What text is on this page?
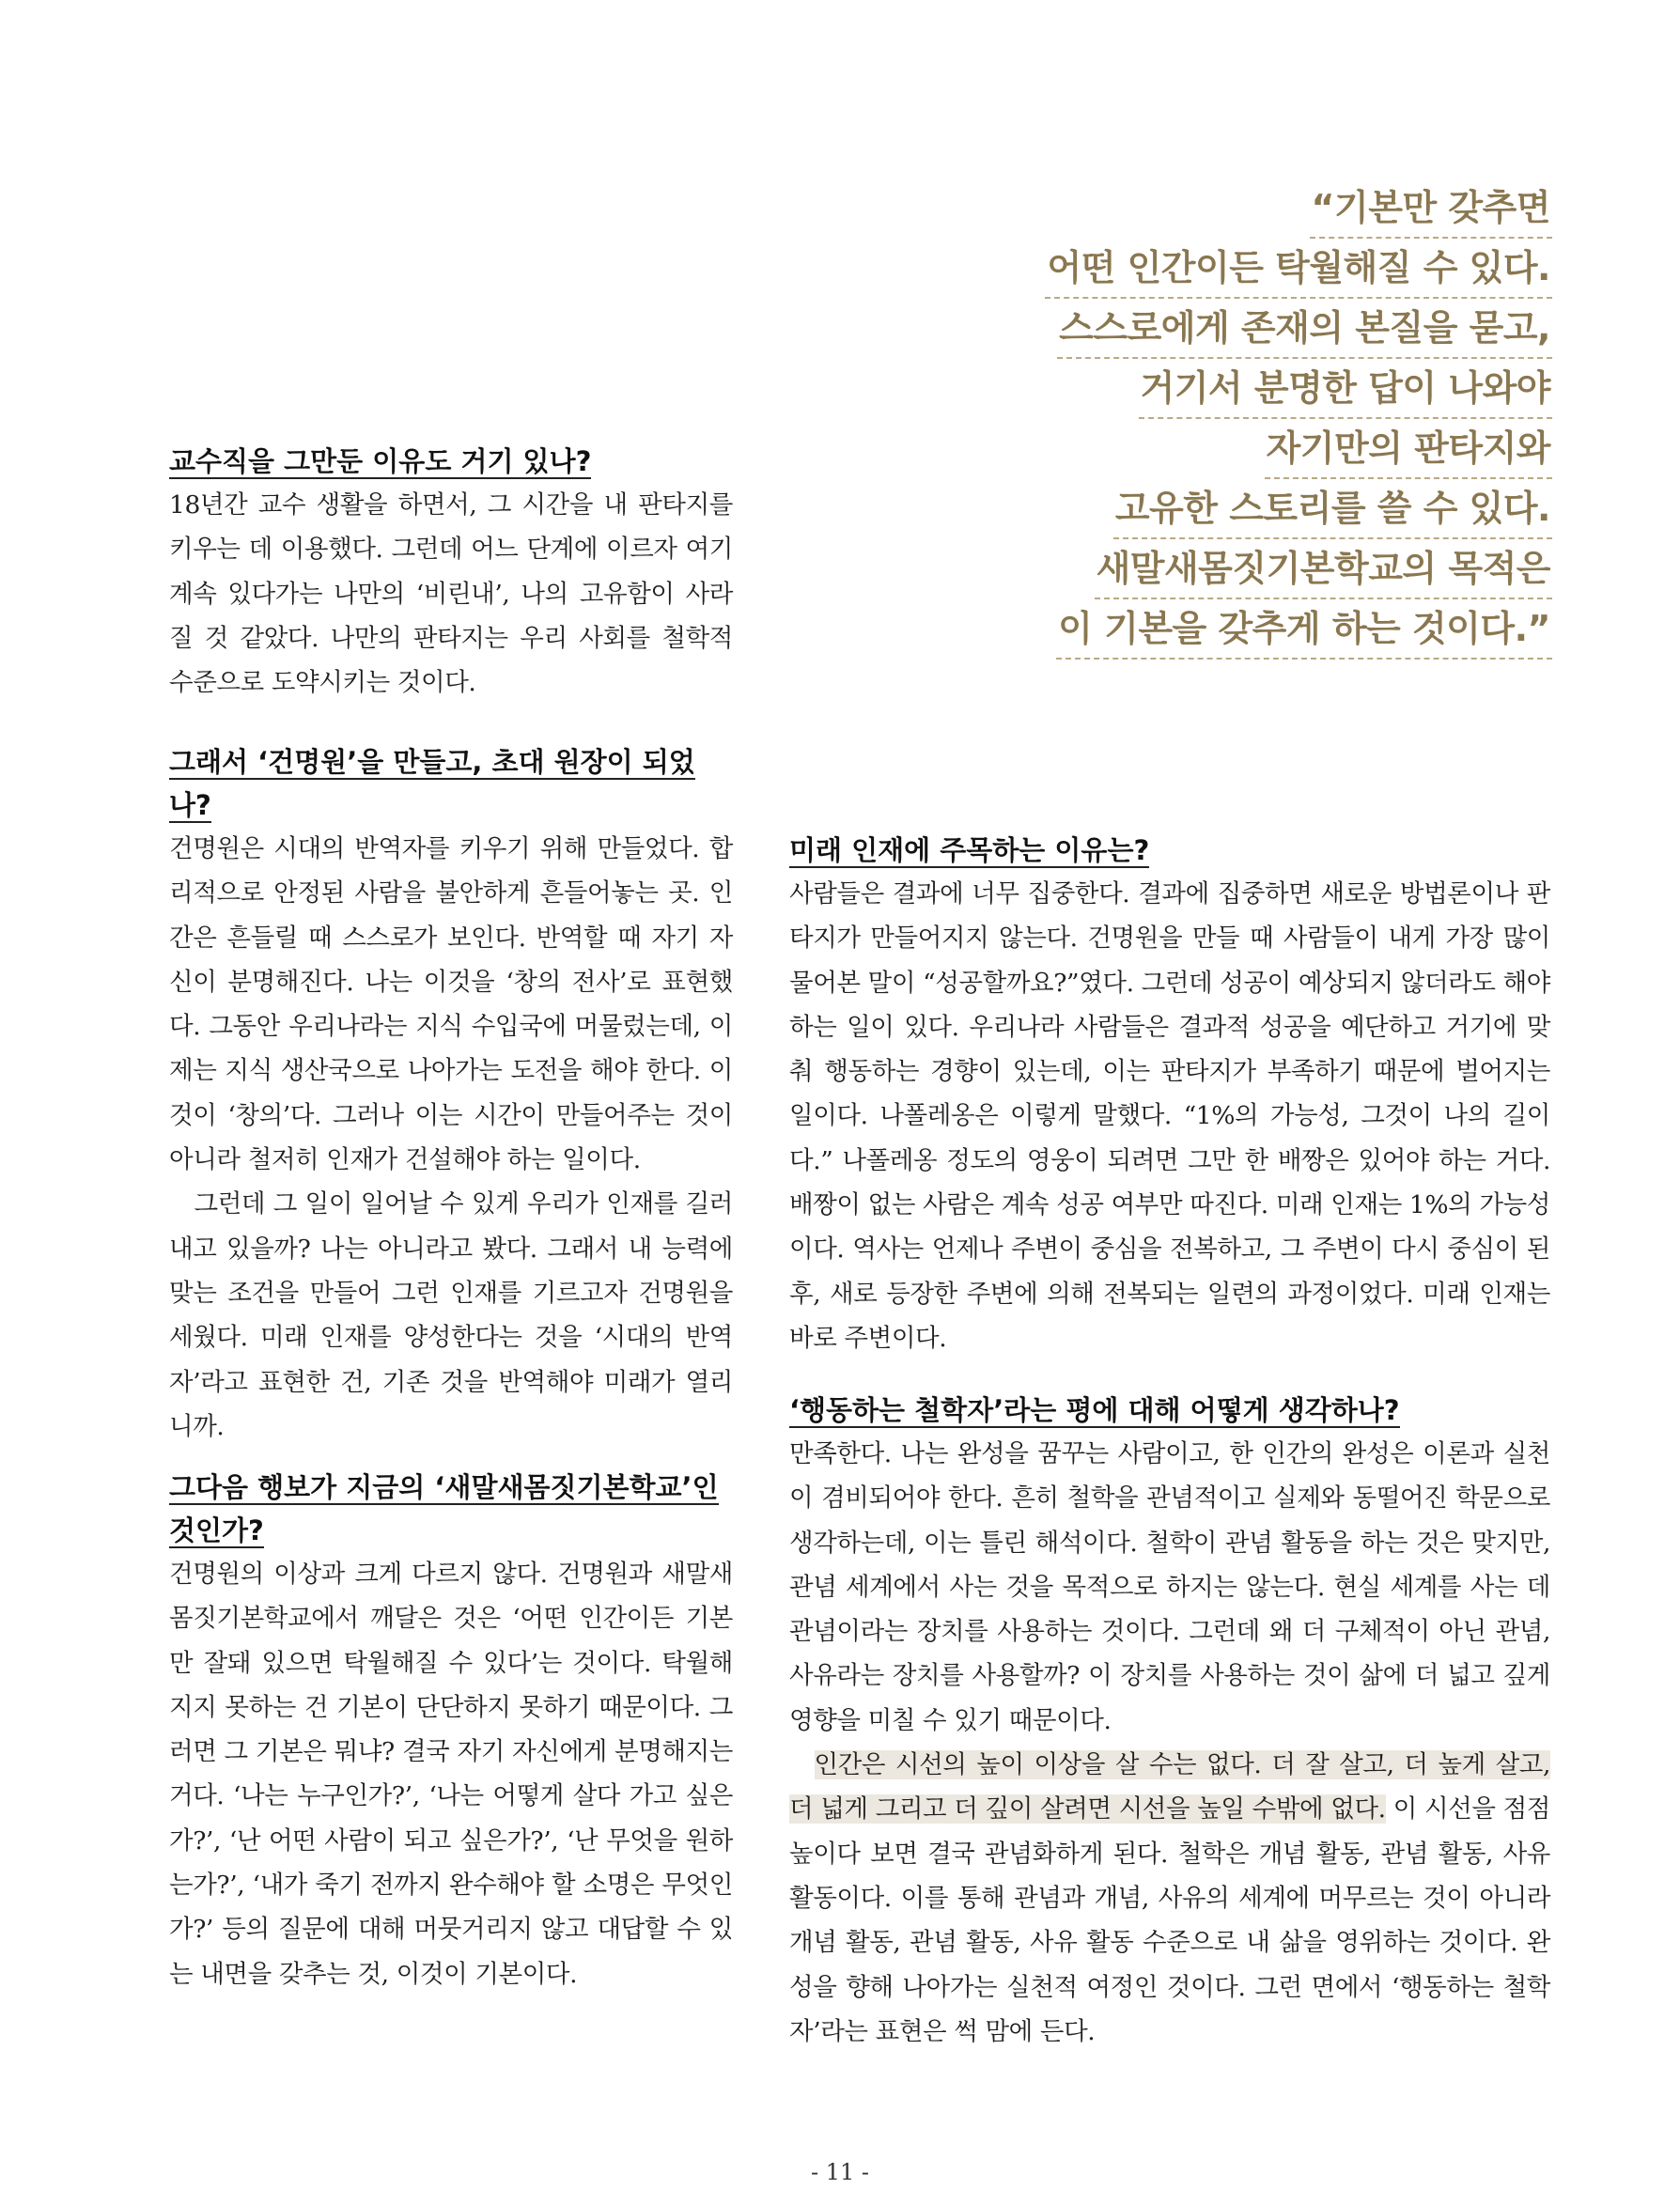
“기본만 갖추면
어떤 인간이든 탁월해질 수 있다.
스스로에게 존재의 본질을 묻고,
거기서 분명한 답이 나와야
자기만의 판타지와
고유한 스토리를 쓸 수 있다.
새말새몸짓기본학교의 목적은
이 기본을 갖추게 하는 것이다.”

교수직을 그만둔 이유도 거기 있나?

18년간 교수 생활을 하면서, 그 시간을 내 판타지를 키우는 데 이용했다. 그런데 어느 단계에 이르자 여기 계속 있다가는 나만의 ‘비린내’, 나의 고유함이 사라질 것 같았다. 나만의 판타지는 우리 사회를 철학적 수준으로 도약시키는 것이다.

그래서 ‘건명원’을 만들고, 초대 원장이 되었나?

건명원은 시대의 반역자를 키우기 위해 만들었다. 합리적으로 안정된 사람을 불안하게 흔들어놓는 곳. 인간은 흔들릴 때 스스로가 보인다. 반역할 때 자기 자신이 분명해진다. 나는 이것을 ‘창의 전사’로 표현했다. 그동안 우리나라는 지식 수입국에 머물렀는데, 이제는 지식 생산국으로 나아가는 도전을 해야 한다. 이것이 ‘창의’다. 그러나 이는 시간이 만들어주는 것이 아니라 철저히 인재가 건설해야 하는 일이다.

그런데 그 일이 일어날 수 있게 우리가 인재를 길러내고 있을까? 나는 아니라고 봤다. 그래서 내 능력에 맞는 조건을 만들어 그런 인재를 기르고자 건명원을 세웠다. 미래 인재를 양성한다는 것을 ‘시대의 반역자’라고 표현한 건, 기존 것을 반역해야 미래가 열리니까.

그다음 행보가 지금의 ‘새말새몸짓기본학교’인 것인가?

건명원의 이상과 크게 다르지 않다. 건명원과 새말새몸짓기본학교에서 깨달은 것은 ‘어떤 인간이든 기본만 잘돼 있으면 탁월해질 수 있다’는 것이다. 탁월해지지 못하는 건 기본이 단단하지 못하기 때문이다. 그러면 그 기본은 뭐냐? 결국 자기 자신에게 분명해지는 거다. ‘나는 누구인가?’, ‘나는 어떻게 살다 가고 싶은가?’, ‘난 어떤 사람이 되고 싶은가?’, ‘난 무엇을 원하는가?’, ‘내가 죽기 전까지 완수해야 할 소명은 무엇인가?’ 등의 질문에 대해 머뭇거리지 않고 대답할 수 있는 내면을 갖추는 것, 이것이 기본이다.

미래 인재에 주목하는 이유는?

사람들은 결과에 너무 집중한다. 결과에 집중하면 새로운 방법론이나 판타지가 만들어지지 않는다. 건명원을 만들 때 사람들이 내게 가장 많이 물어본 말이 “성공할까요?”였다. 그런데 성공이 예상되지 않더라도 해야 하는 일이 있다. 우리나라 사람들은 결과적 성공을 예단하고 거기에 맞춰 행동하는 경향이 있는데, 이는 판타지가 부족하기 때문에 벌어지는 일이다. 나폴레옹은 이렇게 말했다. “1%의 가능성, 그것이 나의 길이다.” 나폴레옹 정도의 영웅이 되려면 그만 한 배짱은 있어야 하는 거다. 배짱이 없는 사람은 계속 성공 여부만 따진다. 미래 인재는 1%의 가능성이다. 역사는 언제나 주변이 중심을 전복하고, 그 주변이 다시 중심이 된 후, 새로 등장한 주변에 의해 전복되는 일련의 과정이었다. 미래 인재는 바로 주변이다.

‘행동하는 철학자’라는 평에 대해 어떻게 생각하나?

만족한다. 나는 완성을 꿈꾸는 사람이고, 한 인간의 완성은 이론과 실천이 겸비되어야 한다. 흔히 철학을 관념적이고 실제와 동떨어진 학문으로 생각하는데, 이는 틀린 해석이다. 철학이 관념 활동을 하는 것은 맞지만, 관념 세계에서 사는 것을 목적으로 하지는 않는다. 현실 세계를 사는 데 관념이라는 장치를 사용하는 것이다. 그런데 왜 더 구체적이 아닌 관념, 사유라는 장치를 사용할까? 이 장치를 사용하는 것이 삶에 더 넓고 깊게 영향을 미칠 수 있기 때문이다.

인간은 시선의 높이 이상을 살 수는 없다. 더 잘 살고, 더 높게 살고, 더 넓게 그리고 더 깊이 살려면 시선을 높일 수밖에 없다. 이 시선을 점점 높이다 보면 결국 관념화하게 된다. 철학은 개념 활동, 관념 활동, 사유 활동이다. 이를 통해 관념과 개념, 사유의 세계에 머무르는 것이 아니라 개념 활동, 관념 활동, 사유 활동 수준으로 내 삶을 영위하는 것이다. 완성을 향해 나아가는 실천적 여정인 것이다. 그런 면에서 ‘행동하는 철학자’라는 표현은 썩 맘에 든다.

- 11 -
